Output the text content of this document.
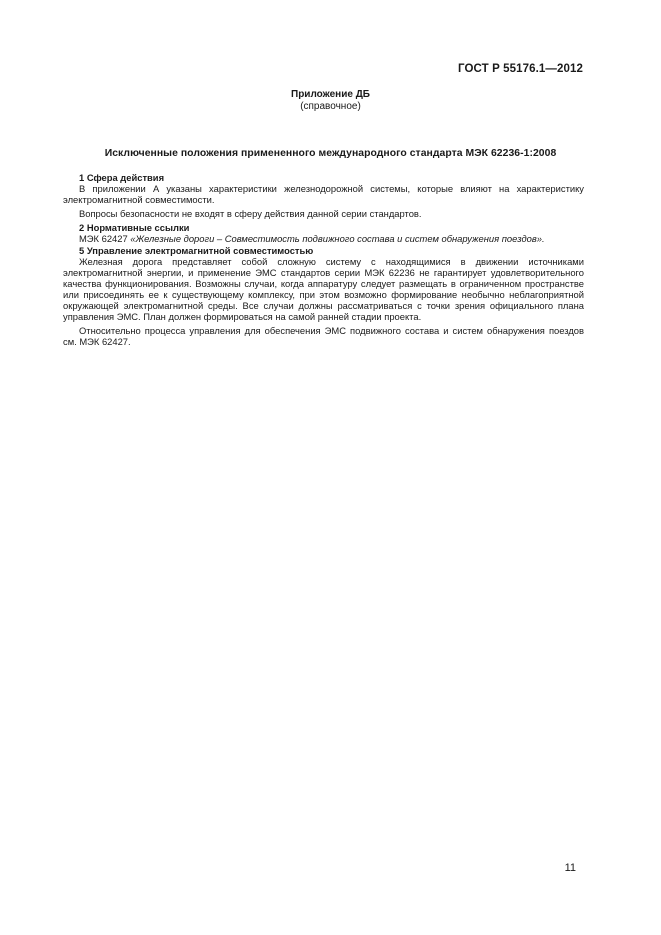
ГОСТ Р 55176.1—2012
Приложение ДБ
(справочное)
Исключенные положения примененного международного стандарта МЭК 62236-1:2008

1 Сфера действия

В приложении А указаны характеристики железнодорожной системы, которые влияют на характеристику электромагнитной совместимости.

Вопросы безопасности не входят в сферу действия данной серии стандартов.

2 Нормативные ссылки

МЭК 62427 «Железные дороги – Совместимость подвижного состава и систем обнаружения поездов».

5 Управление электромагнитной совместимостью

Железная дорога представляет собой сложную систему с находящимися в движении источниками электромагнитной энергии, и применение ЭМС стандартов серии МЭК 62236 не гарантирует удовлетворительного качества функционирования. Возможны случаи, когда аппаратуру следует размещать в ограниченном пространстве или присоединять ее к существующему комплексу, при этом возможно формирование необычно неблагоприятной окружающей электромагнитной среды. Все случаи должны рассматриваться с точки зрения официального плана управления ЭМС. План должен формироваться на самой ранней стадии проекта.

Относительно процесса управления для обеспечения ЭМС подвижного состава и систем обнаружения поездов см. МЭК 62427.

11
